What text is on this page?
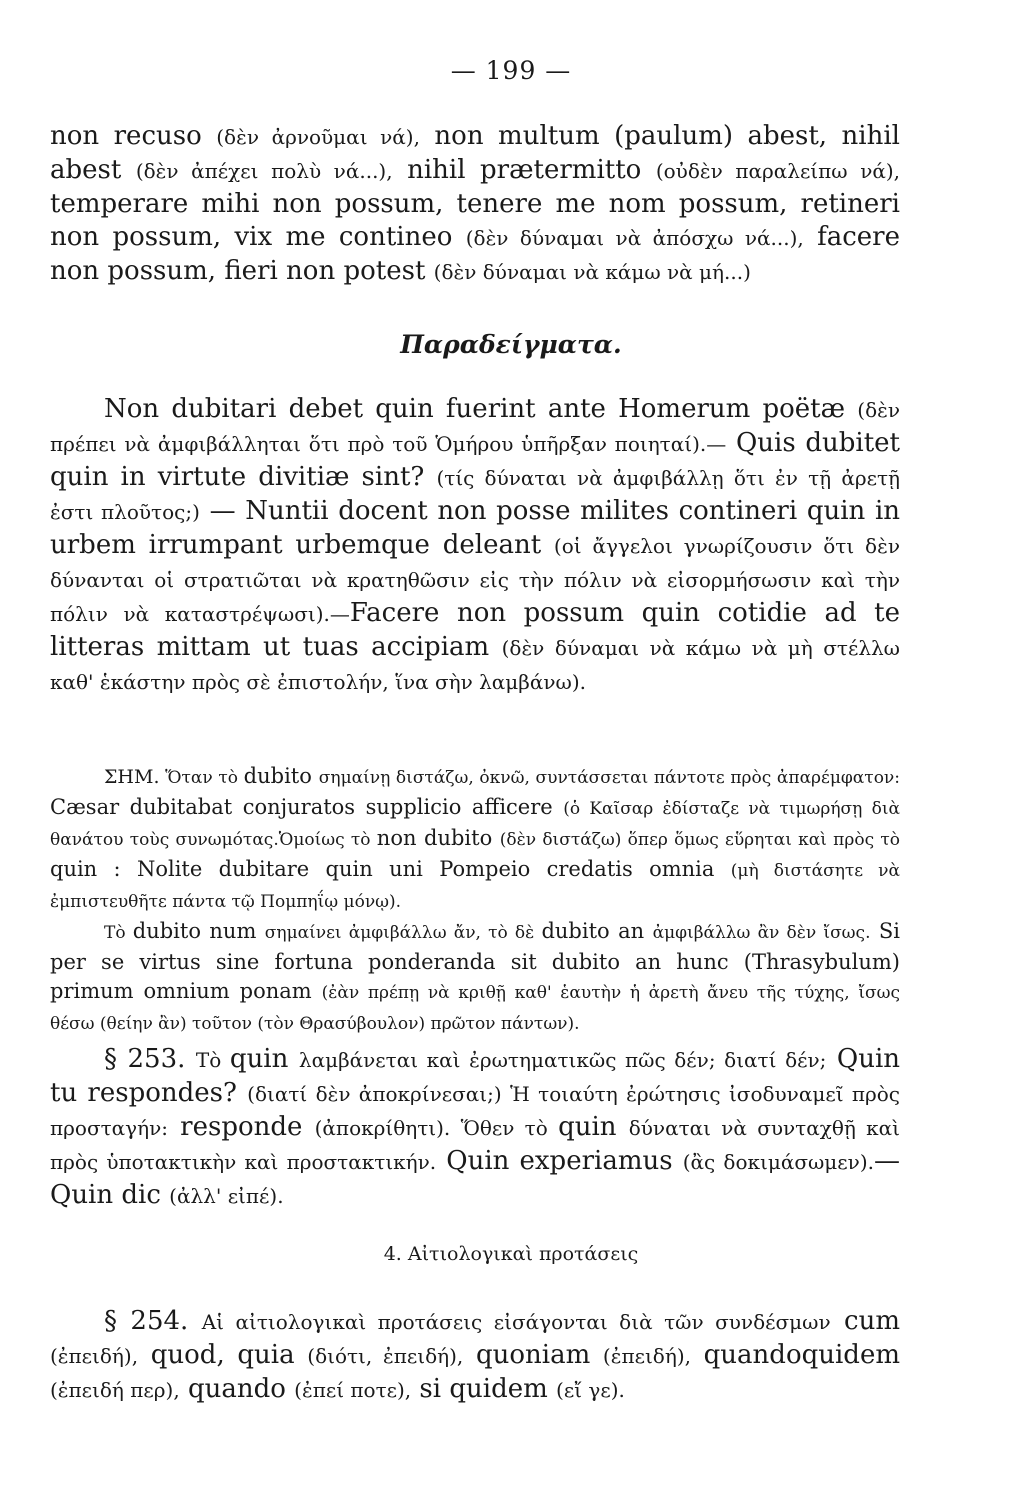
— 199 —

non recuso (δὲν ἀρνοῦμαι νά), non multum (paulum) abest, nihil abest (δὲν ἀπέχει πολὺ νά...), nihil prætermitto (οὐδὲν παραλείπω νά), temperare mihi non possum, tenere me nom possum, retineri non possum, vix me contineo (δὲν δύναμαι νὰ ἀπόσχω νά...), facere non possum, fieri non potest (δὲν δύναμαι νὰ κάμω νὰ μή...)

Παραδείγματα.

Non dubitari debet quin fuerint ante Homerum poëtæ (δὲν πρέπει νὰ ἀμφιβάλληται ὅτι πρὸ τοῦ Ὁμήρου ὑπῆρξαν ποιηταί).— Quis dubitet quin in virtute divitiæ sint? (τίς δύναται νὰ ἀμφιβάλλῃ ὅτι ἐν τῇ ἀρετῇ ἐστι πλοῦτος;) — Nuntii docent non posse milites contineri quin in urbem irrumpant urbemque deleant (οἱ ἄγγελοι γνωρίζουσιν ὅτι δὲν δύνανται οἱ στρατιῶται νὰ κρατηθῶσιν εἰς τὴν πόλιν νὰ εἰσορμήσωσιν καὶ τὴν πόλιν νὰ καταστρέψωσι).—Facere non possum quin cotidie ad te litteras mittam ut tuas accipiam (δὲν δύναμαι νὰ κάμω νὰ μὴ στέλλω καθ' ἑκάστην πρὸς σὲ ἐπιστολήν, ἵνα σὴν λαμβάνω).

ΣΗΜ. Ὅταν τὸ dubito σημαίνῃ διστάζω, ὀκνῶ, συντάσσεται πάντοτε πρὸς ἀπαρέμφατον: Cæsar dubitabat conjuratos supplicio afficere (ὁ Καῖσαρ ἐδίσταζε νὰ τιμωρήσῃ διὰ θανάτου τοὺς συνωμότας.Ὁμοίως τὸ non dubito (δὲν διστάζω) ὅπερ ὅμως εὕρηται καὶ πρὸς τὸ quin : Nolite dubitare quin uni Pompeio credatis omnia (μὴ διστάσητε νὰ ἐμπιστευθῆτε πάντα τῷ Πομπηΐῳ μόνῳ).
Τὸ dubito num σημαίνει ἀμφιβάλλω ἄν, τὸ δὲ dubito an ἀμφιβάλλω ἂν δὲν ἴσως. Si per se virtus sine fortuna ponderanda sit dubito an hunc (Thrasybulum) primum omnium ponam (ἐὰν πρέπῃ νὰ κριθῇ καθ' ἑαυτὴν ἡ ἀρετὴ ἄνευ τῆς τύχης, ἴσως θέσω (θείην ἂν) τοῦτον (τὸν Θρασύβουλον) πρῶτον πάντων).

§ 253. Τὸ quin λαμβάνεται καὶ ἐρωτηματικῶς πῶς δέν; διατί δέν; Quin tu respondes? (διατί δὲν ἀποκρίνεσαι;) Ἡ τοιαύτη ἐρώτησις ἰσοδυναμεῖ πρὸς προσταγήν: responde (ἀποκρίθητι). Ὅθεν τὸ quin δύναται νὰ συνταχθῇ καὶ πρὸς ὑποτακτικὴν καὶ προστακτικήν. Quin experiamus (ἂς δοκιμάσωμεν).—Quin dic (ἀλλ' εἰπέ).

4. Αἰτιολογικαὶ προτάσεις

§ 254. Αἱ αἰτιολογικαὶ προτάσεις εἰσάγονται διὰ τῶν συνδέσμων cum (ἐπειδή), quod, quia (διότι, ἐπειδή), quoniam (ἐπειδή), quandoquidem (ἐπειδή περ), quando (ἐπεί ποτε), si quidem (εἴ γε).
